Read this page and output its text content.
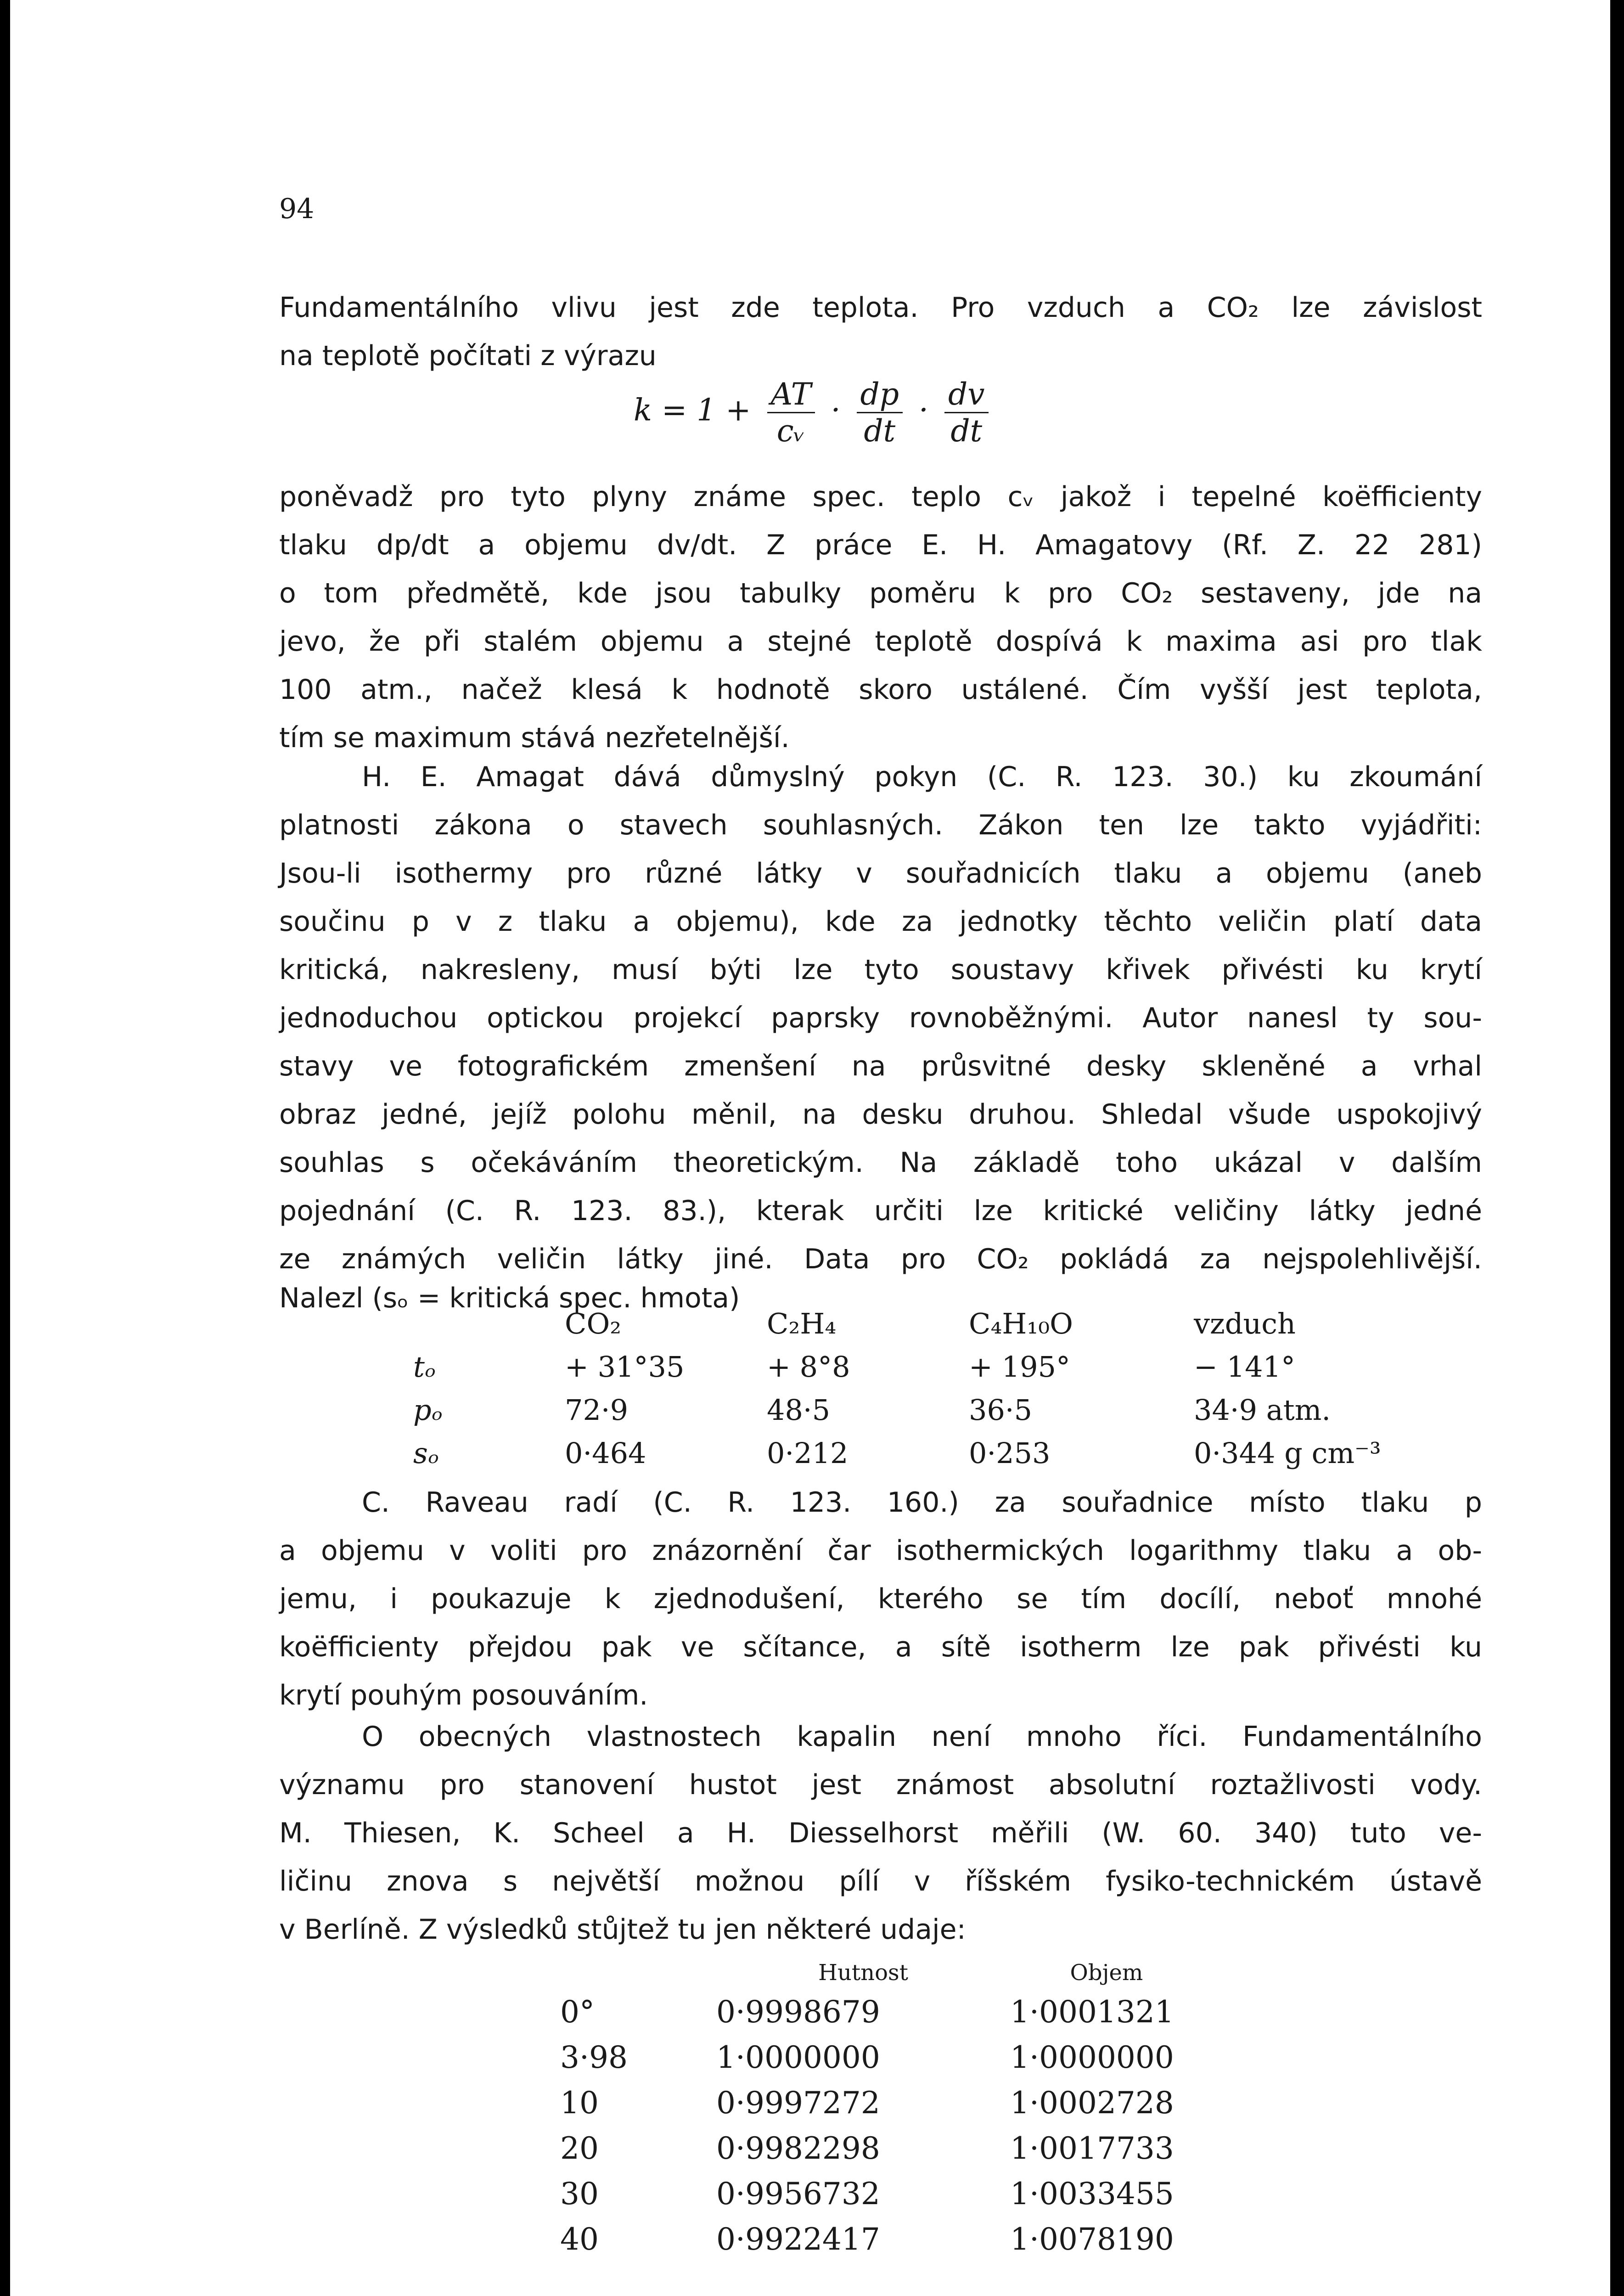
94
Fundamentálního vlivu jest zde teplota. Pro vzduch a CO₂ lze závislost
na teplotě počítati z výrazu
$k = 1 + \frac{AT}{\text{cᵥ}} \cdot \frac{dp}{dt} \cdot \frac{dv}{dt}$
poněvadž pro tyto plyny známe spec. teplo cᵥ jakož i tepelné koëfficienty
tlaku dp/dt a objemu dv/dt. Z práce E. H. Amagatovy (Rf. Z. 22 281)
o tom předmětě, kde jsou tabulky poměru k pro CO₂ sestaveny, jde na
jevo, že při stalém objemu a stejné teplotě dospívá k maxima asi pro tlak
100 atm., načež klesá k hodnotě skoro ustálené. Čím vyšší jest teplota,
tím se maximum stává nezřetelnější.
H. E. Amagat dává důmyslný pokyn (C. R. 123. 30.) ku zkoumání
platnosti zákona o stavech souhlasných. Zákon ten lze takto vyjádřiti:
Jsou-li isothermy pro různé látky v souřadnicích tlaku a objemu (aneb
součinu p v z tlaku a objemu), kde za jednotky těchto veličin platí data
kritická, nakresleny, musí býti lze tyto soustavy křivek přivésti ku krytí
jednoduchou optickou projekcí paprsky rovnoběžnými. Autor nanesl ty sou-
stavy ve fotografickém zmenšení na průsvitné desky skleněné a vrhal
obraz jedné, jejíž polohu měnil, na desku druhou. Shledal všude uspokojivý
souhlas s očekáváním theoretickým. Na základě toho ukázal v dalším
pojednání (C. R. 123. 83.), kterak určiti lze kritické veličiny látky jedné
ze známých veličin látky jiné. Data pro CO₂ pokládá za nejspolehlivější.
Nalezl (sₒ = kritická spec. hmota)
	CO₂	C₂H₄	C₄H₁₀O	vzduch
tₒ	+ 31°35	+ 8°8	+ 195°	− 141°
pₒ	72·9	48·5	36·5	34·9 atm.
sₒ	0·464	0·212	0·253	0·344 g cm⁻³
C. Raveau radí (C. R. 123. 160.) za souřadnice místo tlaku p
a objemu v voliti pro znázornění čar isothermických logarithmy tlaku a ob-
jemu, i poukazuje k zjednodušení, kterého se tím docílí, neboť mnohé
koëfficienty přejdou pak ve sčítance, a sítě isotherm lze pak přivésti ku
krytí pouhým posouváním.
O obecných vlastnostech kapalin není mnoho říci. Fundamentálního
významu pro stanovení hustot jest známost absolutní roztažlivosti vody.
M. Thiesen, K. Scheel a H. Diesselhorst měřili (W. 60. 340) tuto ve-
ličinu znova s největší možnou pílí v říšském fysiko-technickém ústavě
v Berlíně. Z výsledků stůjtež tu jen některé udaje:
	Hutnost	Objem
0°	0·9998679	1·0001321
3·98	1·0000000	1·0000000
10	0·9997272	1·0002728
20	0·9982298	1·0017733
30	0·9956732	1·0033455
40	0·9922417	1·0078190
